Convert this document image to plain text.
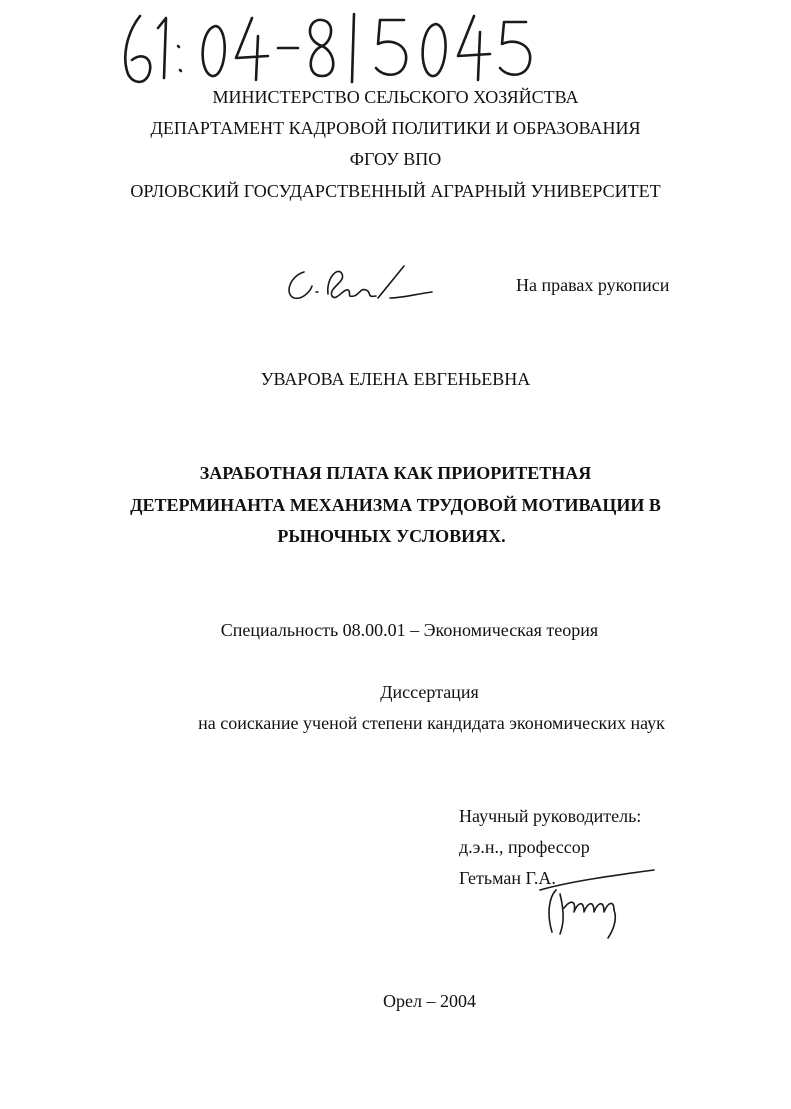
МИНИСТЕРСТВО СЕЛЬСКОГО ХОЗЯЙСТВА
ДЕПАРТАМЕНТ КАДРОВОЙ ПОЛИТИКИ И ОБРАЗОВАНИЯ
ФГОУ ВПО
ОРЛОВСКИЙ ГОСУДАРСТВЕННЫЙ АГРАРНЫЙ УНИВЕРСИТЕТ
На правах рукописи
УВАРОВА ЕЛЕНА ЕВГЕНЬЕВНА
ЗАРАБОТНАЯ ПЛАТА КАК ПРИОРИТЕТНАЯ
ДЕТЕРМИНАНТА МЕХАНИЗМА ТРУДОВОЙ МОТИВАЦИИ В
РЫНОЧНЫХ УСЛОВИЯХ.
Специальность 08.00.01 – Экономическая теория
Диссертация
на соискание ученой степени кандидата экономических наук
Научный руководитель:
д.э.н., профессор
Гетьман Г.А.
Орел – 2004
